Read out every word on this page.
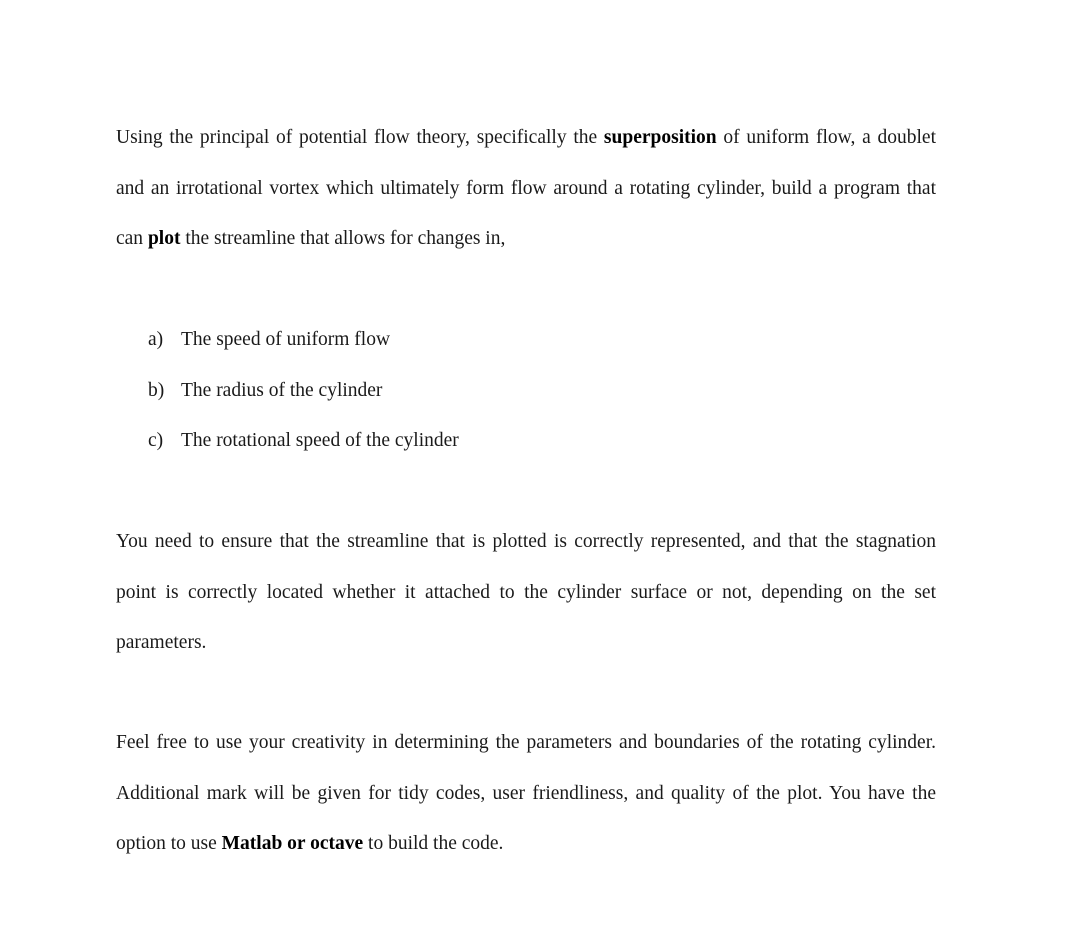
Using the principal of potential flow theory, specifically the superposition of uniform flow, a doublet and an irrotational vortex which ultimately form flow around a rotating cylinder, build a program that can plot the streamline that allows for changes in,

a) The speed of uniform flow
b) The radius of the cylinder
c) The rotational speed of the cylinder

You need to ensure that the streamline that is plotted is correctly represented, and that the stagnation point is correctly located whether it attached to the cylinder surface or not, depending on the set parameters.

Feel free to use your creativity in determining the parameters and boundaries of the rotating cylinder. Additional mark will be given for tidy codes, user friendliness, and quality of the plot. You have the option to use Matlab or octave to build the code.
